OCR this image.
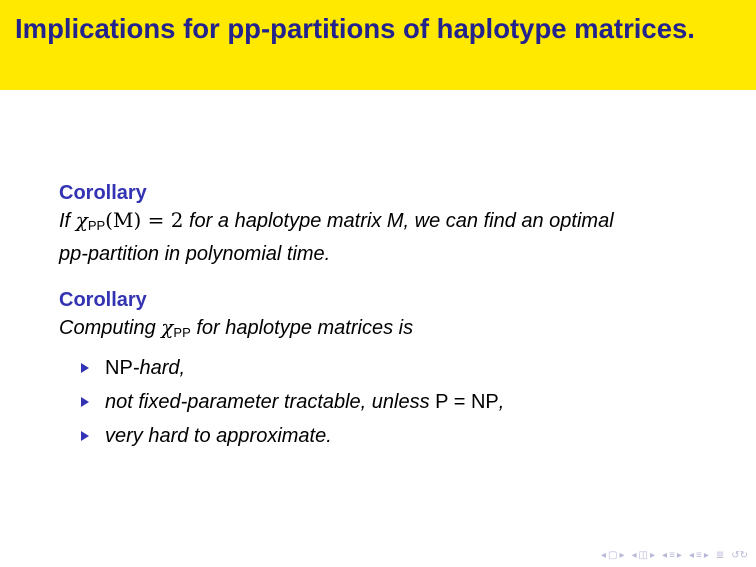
Implications for pp-partitions of haplotype matrices.
Corollary
If $\chi_{PP}(M) = 2$ for a haplotype matrix M, we can find an optimal
pp-partition in polynomial time.
Corollary
Computing $\chi_{PP}$ for haplotype matrices is
NP-hard,
not fixed-parameter tractable, unless P = NP,
very hard to approximate.
◂ ▢ ▸ ◂ ◫ ▸ ◂ ≡ ▸ ◂ ≡ ▸ ≣ ↺↻
